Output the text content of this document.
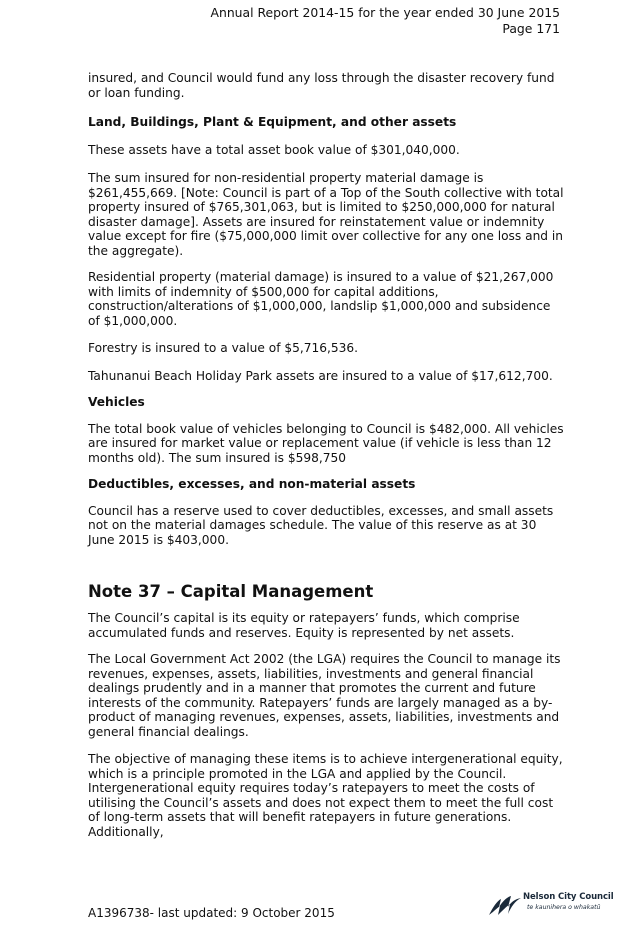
Annual Report 2014-15 for the year ended 30 June 2015
Page 171

insured, and Council would fund any loss through the disaster recovery fund or loan funding.

Land, Buildings, Plant & Equipment, and other assets

These assets have a total asset book value of $301,040,000.

The sum insured for non-residential property material damage is $261,455,669. [Note: Council is part of a Top of the South collective with total property insured of $765,301,063, but is limited to $250,000,000 for natural disaster damage]. Assets are insured for reinstatement value or indemnity value except for fire ($75,000,000 limit over collective for any one loss and in the aggregate).

Residential property (material damage) is insured to a value of $21,267,000 with limits of indemnity of $500,000 for capital additions, construction/alterations of $1,000,000, landslip $1,000,000 and subsidence of $1,000,000.

Forestry is insured to a value of $5,716,536.

Tahunanui Beach Holiday Park assets are insured to a value of $17,612,700.

Vehicles

The total book value of vehicles belonging to Council is $482,000. All vehicles are insured for market value or replacement value (if vehicle is less than 12 months old). The sum insured is $598,750

Deductibles, excesses, and non-material assets

Council has a reserve used to cover deductibles, excesses, and small assets not on the material damages schedule. The value of this reserve as at 30 June 2015 is $403,000.

Note 37 – Capital Management

The Council’s capital is its equity or ratepayers’ funds, which comprise accumulated funds and reserves. Equity is represented by net assets.

The Local Government Act 2002 (the LGA) requires the Council to manage its revenues, expenses, assets, liabilities, investments and general financial dealings prudently and in a manner that promotes the current and future interests of the community. Ratepayers’ funds are largely managed as a by-product of managing revenues, expenses, assets, liabilities, investments and general financial dealings.

The objective of managing these items is to achieve intergenerational equity, which is a principle promoted in the LGA and applied by the Council. Intergenerational equity requires today’s ratepayers to meet the costs of utilising the Council’s assets and does not expect them to meet the full cost of long-term assets that will benefit ratepayers in future generations. Additionally,

A1396738- last updated: 9 October 2015
Nelson City Council
te kaunihera o whakatū
